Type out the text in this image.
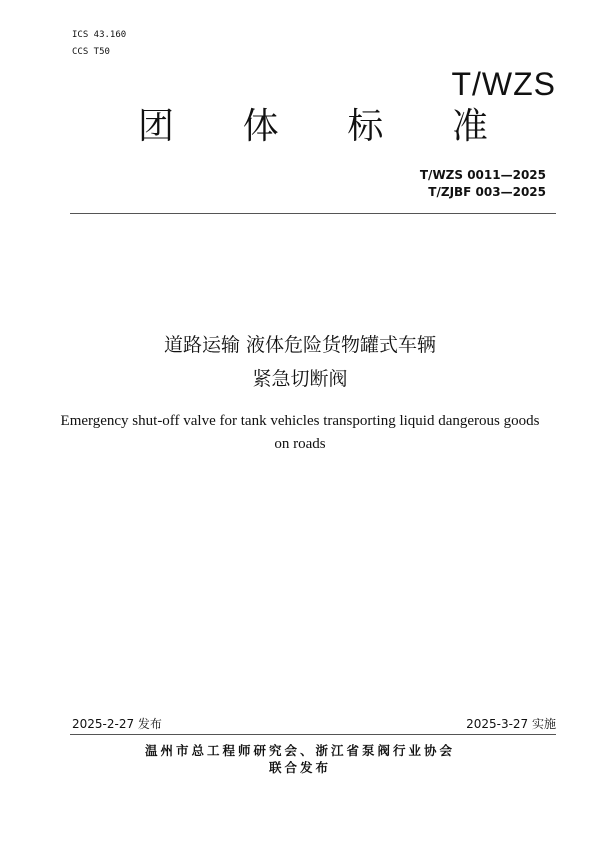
ICS 43.160
CCS T50
T/WZS
团 体 标 准
T/WZS 0011—2025
T/ZJBF 003—2025
道路运输 液体危险货物罐式车辆
紧急切断阀
Emergency shut-off valve for tank vehicles transporting liquid dangerous goods on roads
2025-2-27 发布	2025-3-27 实施
温州市总工程师研究会、浙江省泵阀行业协会
联合发布
